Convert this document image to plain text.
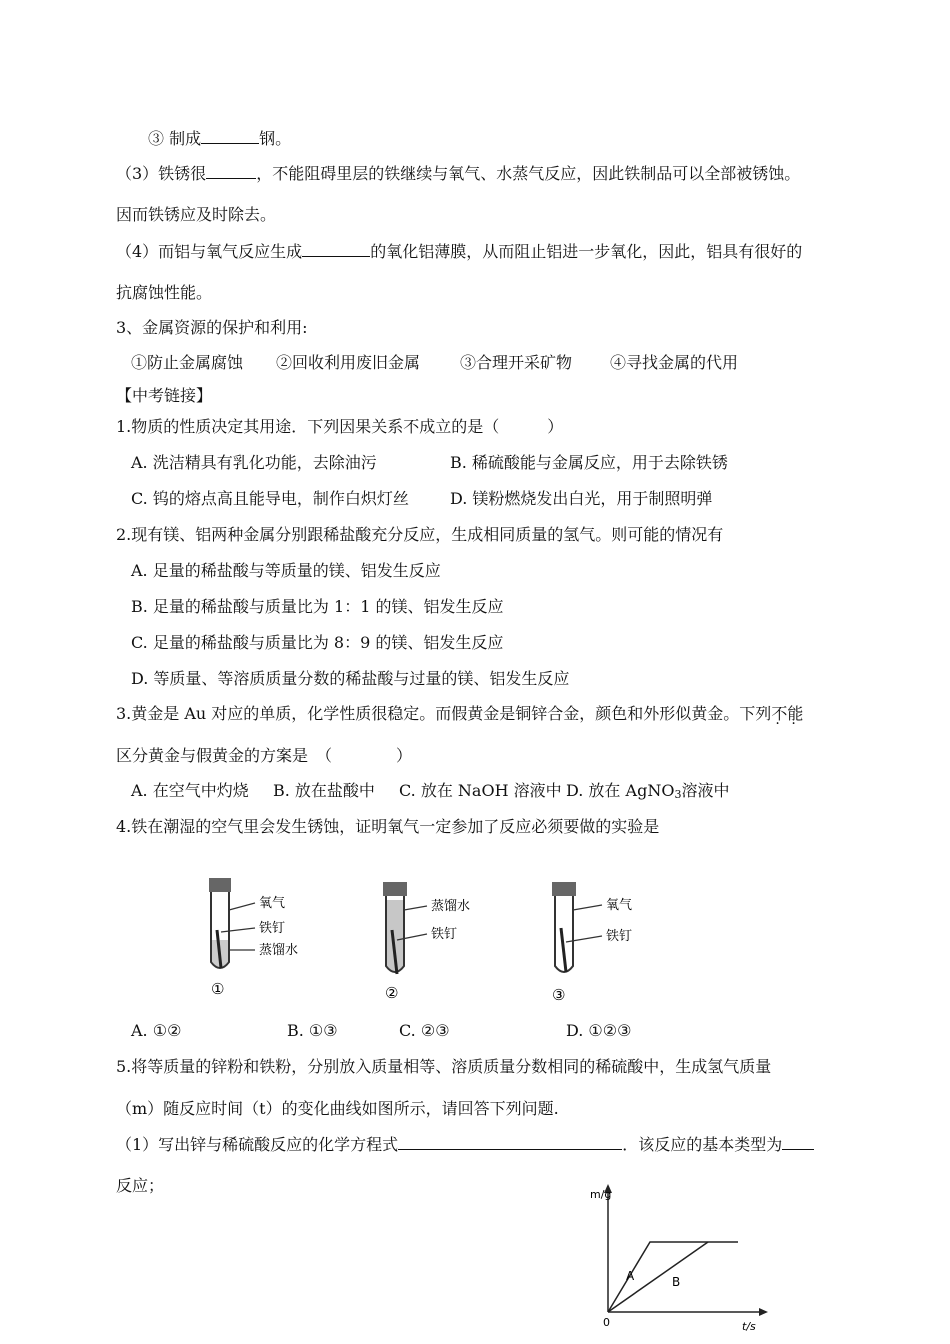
③ 制成	钢。
（3）铁锈很	，不能阻碍里层的铁继续与氧气、水蒸气反应，因此铁制品可以全部被锈蚀。
因而铁锈应及时除去。
（4）而铝与氧气反应生成	的氧化铝薄膜，从而阻止铝进一步氧化，因此，铝具有很好的
抗腐蚀性能。
3、金属资源的保护和利用:
①防止金属腐蚀 ②回收利用废旧金属 ③合理开采矿物 ④寻找金属的代用
【中考链接】
1.物质的性质决定其用途．下列因果关系不成立的是（　　　）
A. 洗洁精具有乳化功能，去除油污	B. 稀硫酸能与金属反应，用于去除铁锈
C. 钨的熔点高且能导电，制作白炽灯丝	D. 镁粉燃烧发出白光，用于制照明弹
2.现有镁、铝两种金属分别跟稀盐酸充分反应，生成相同质量的氢气。则可能的情况有
A. 足量的稀盐酸与等质量的镁、铝发生反应
B. 足量的稀盐酸与质量比为 1：1 的镁、铝发生反应
C. 足量的稀盐酸与质量比为 8：9 的镁、铝发生反应
D. 等质量、等溶质质量分数的稀盐酸与过量的镁、铝发生反应
3.黄金是 Au 对应的单质，化学性质很稳定。而假黄金是铜锌合金，颜色和外形似黄金。下列不能
区分黄金与假黄金的方案是　（　　　　）
A. 在空气中灼烧 B. 放在盐酸中 C. 放在 NaOH 溶液中 D. 放在 AgNO3溶液中
4.铁在潮湿的空气里会发生锈蚀，证明氧气一定参加了反应必须要做的实验是
氧气
铁钉
蒸馏水
①
蒸馏水
铁钉
②
氧气
铁钉
③
A. ①②	B. ①③	C. ②③	D. ①②③
5.将等质量的锌粉和铁粉，分别放入质量相等、溶质质量分数相同的稀硫酸中，生成氢气质量
（m）随反应时间（t）的变化曲线如图所示，请回答下列问题.
（1）写出锌与稀硫酸反应的化学方程式	．该反应的基本类型为
反应；	m/g
t/s
0
A	B
